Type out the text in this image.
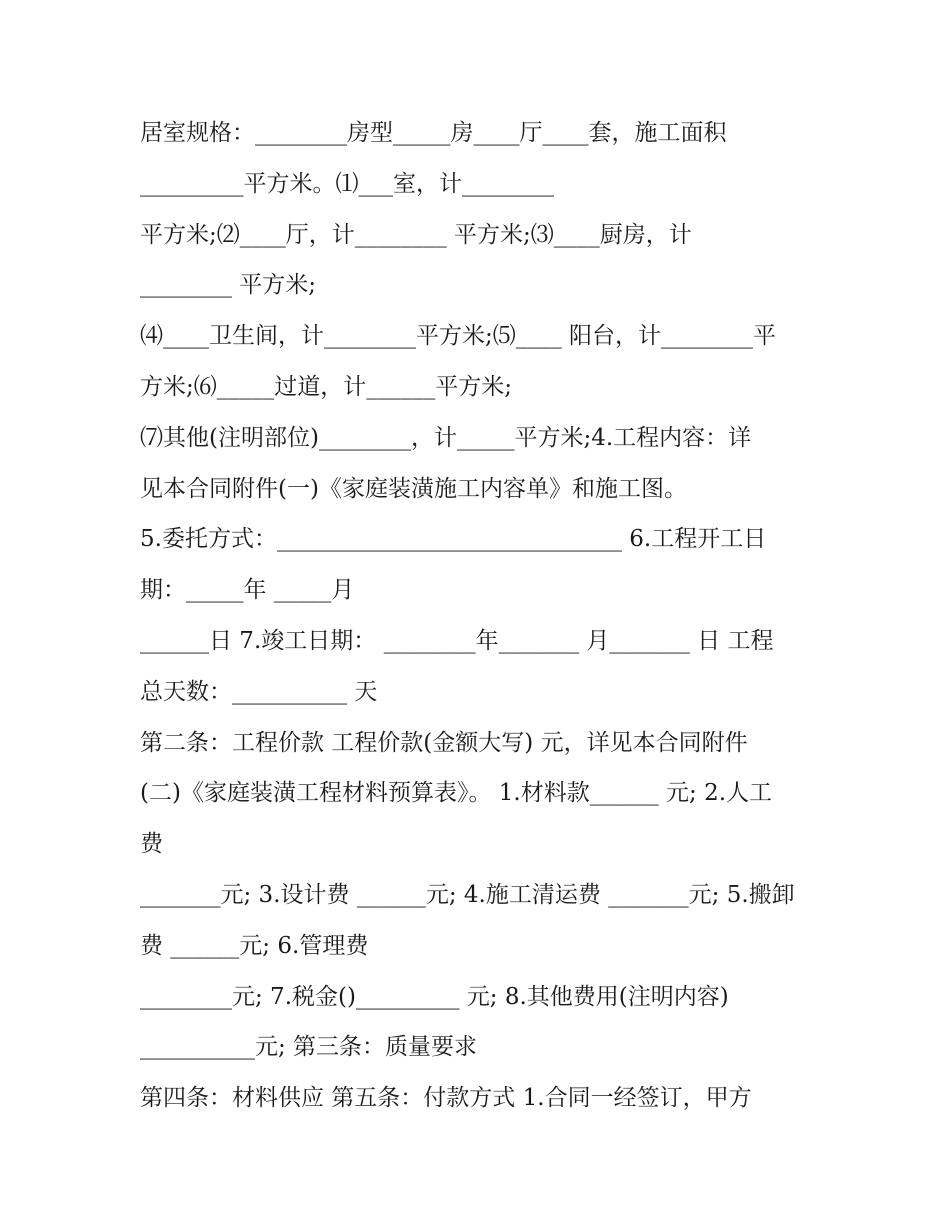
居室规格：________房型_____房____厅____套，施工面积
_________平方米。⑴___室，计________
平方米;⑵____厅，计________ 平方米;⑶____厨房，计
________ 平方米;
⑷____卫生间，计________平方米;⑸____ 阳台，计________平
方米;⑹_____过道，计______平方米;
⑺其他(注明部位)________，计_____平方米;4.工程内容：详
见本合同附件(一)《家庭装潢施工内容单》和施工图。
5.委托方式：______________________________ 6.工程开工日
期：_____年 _____月
______日 7.竣工日期： ________年_______ 月_______ 日 工程
总天数：__________ 天
第二条：工程价款 工程价款(金额大写) 元，详见本合同附件
(二)《家庭装潢工程材料预算表》。 1.材料款______ 元; 2.人工
费
_______元; 3.设计费 ______元; 4.施工清运费 _______元; 5.搬卸
费 ______元; 6.管理费
________元; 7.税金()_________ 元; 8.其他费用(注明内容)
__________元; 第三条：质量要求
第四条：材料供应 第五条：付款方式 1.合同一经签订，甲方
